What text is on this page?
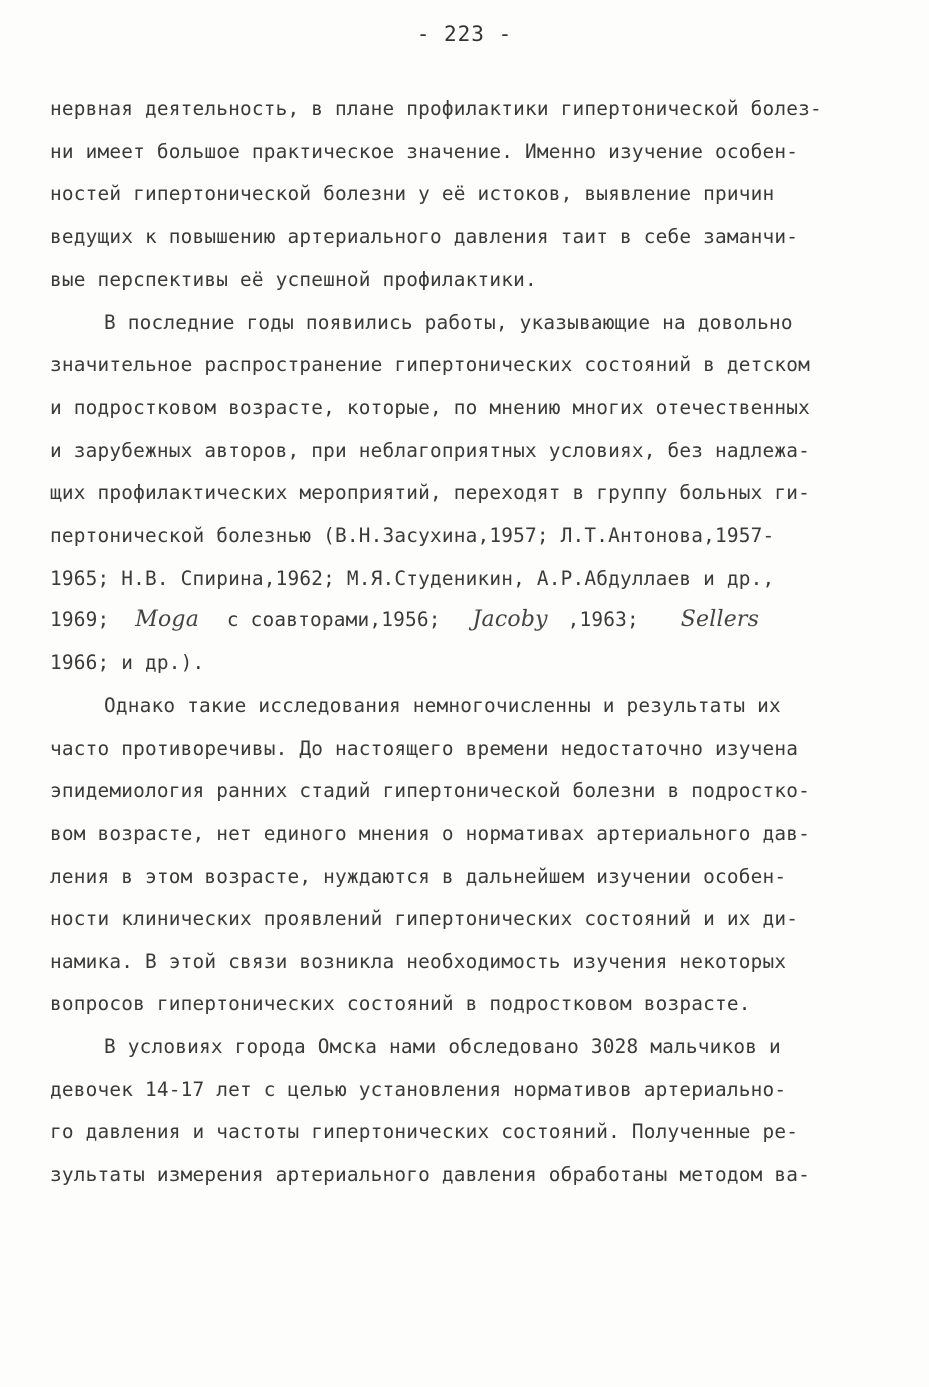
- 223 -
нервная деятельность, в плане профилактики гипертонической болез-
ни имеет большое практическое значение. Именно изучение особен-
ностей гипертонической болезни у её истоков, выявление причин
ведущих к повышению артериального давления таит в себе заманчи-
вые перспективы её успешной профилактики.
В последние годы появились работы, указывающие на довольно
значительное распространение гипертонических состояний в детском
и подростковом возрасте, которые, по мнению многих отечественных
и зарубежных авторов, при неблагоприятных условиях, без надлежа-
щих профилактических мероприятий, переходят в группу больных ги-
пертонической болезнью (В.Н.Засухина,1957; Л.Т.Антонова,1957-
1965; Н.В. Спирина,1962; М.Я.Студеникин, А.Р.Абдуллаев и др.,
1969; Moga с соавторами,1956; Jacoby ,1963; Sellers
1966; и др.).
Однако такие исследования немногочисленны и результаты их
часто противоречивы. До настоящего времени недостаточно изучена
эпидемиология ранних стадий гипертонической болезни в подростко-
вом возрасте, нет единого мнения о нормативах артериального дав-
ления в этом возрасте, нуждаются в дальнейшем изучении особен-
ности клинических проявлений гипертонических состояний и их ди-
намика. В этой связи возникла необходимость изучения некоторых
вопросов гипертонических состояний в подростковом возрасте.
В условиях города Омска нами обследовано 3028 мальчиков и
девочек 14-17 лет с целью установления нормативов артериально-
го давления и частоты гипертонических состояний. Полученные ре-
зультаты измерения артериального давления обработаны методом ва-
